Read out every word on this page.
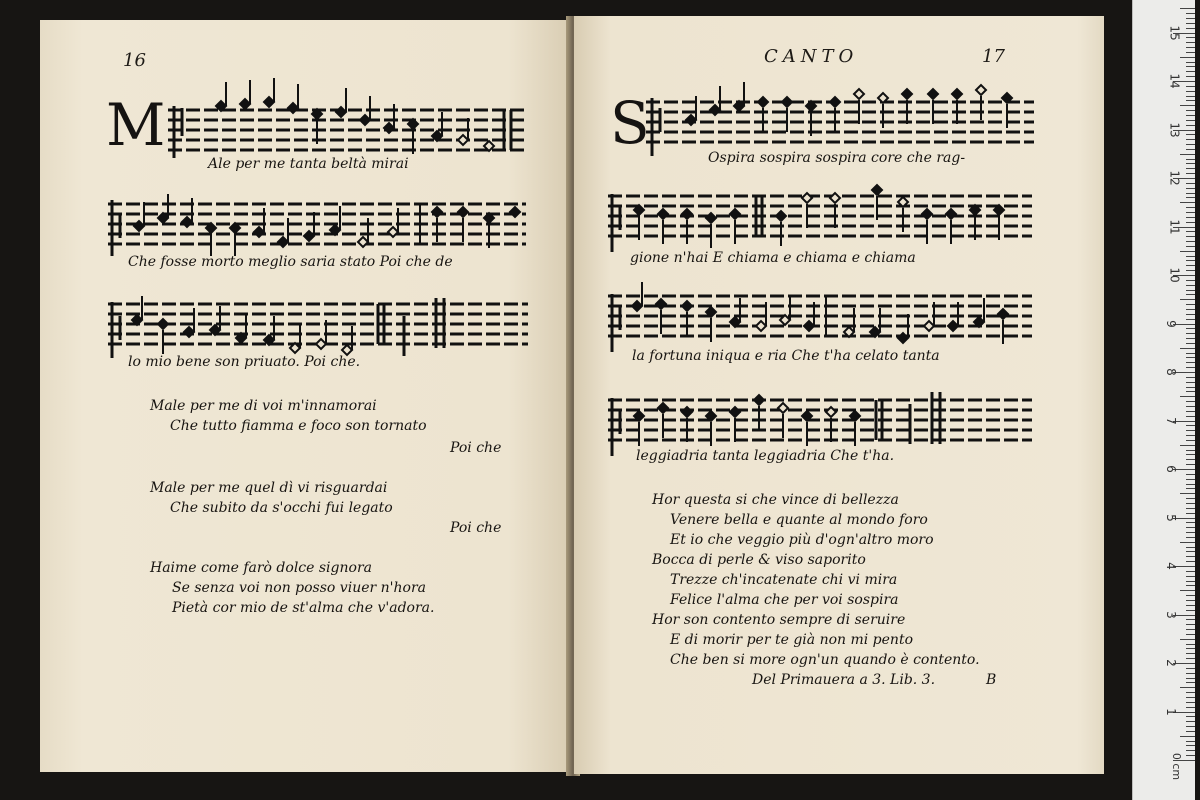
16
M
Ale per me tanta beltà mirai
Che fosse morto meglio saria stato Poi che de
lo mio bene son priuato. Poi che.
Male per me di voi m'innamorai
Che tutto fiamma e foco son tornato
Poi che
Male per me quel dì vi risguardai
Che subito da s'occhi fui legato
Poi che
Haime come farò dolce signora
Se senza voi non posso viuer n'hora
Pietà cor mio de st'alma che v'adora.
CANTO	17
S
Ospira sospira sospira core che rag-
gione n'hai E chiama e chiama e chiama
la fortuna iniqua e ria Che t'ha celato tanta
leggiadria tanta leggiadria Che t'ha.
Hor questa si che vince di bellezza
Venere bella e quante al mondo foro
Et io che veggio più d'ogn'altro moro
Bocca di perle & viso saporito
Trezze ch'incatenate chi vi mira
Felice l'alma che per voi sospira
Hor son contento sempre di seruire
E di morir per te già non mi pento
Che ben si more ogn'un quando è contento.
Del Primauera a 3. Lib. 3.	B
1
2
3
4
5
6
7
8
9
10
11
12
13
14
15
0 cm
